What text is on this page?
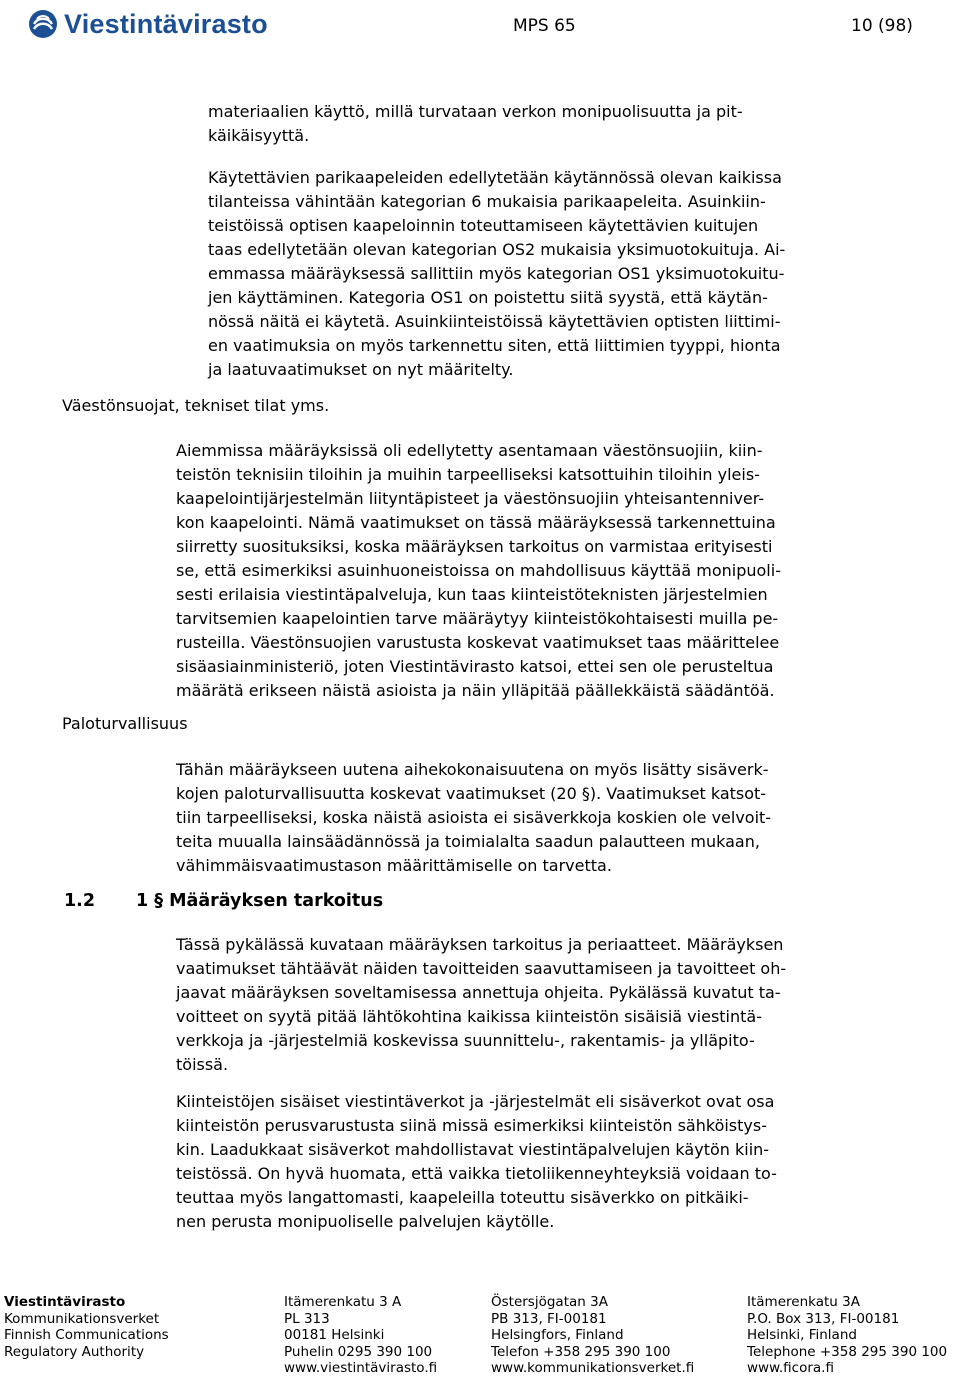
Viestintävirasto	MPS 65	10 (98)
materiaalien käyttö, millä turvataan verkon monipuolisuutta ja pit-
käikäisyyttä.
Käytettävien parikaapeleiden edellytetään käytännössä olevan kaikissa
tilanteissa vähintään kategorian 6 mukaisia parikaapeleita. Asuinkiin-
teistöissä optisen kaapeloinnin toteuttamiseen käytettävien kuitujen
taas edellytetään olevan kategorian OS2 mukaisia yksimuotokuituja. Ai-
emmassa määräyksessä sallittiin myös kategorian OS1 yksimuotokuitu-
jen käyttäminen. Kategoria OS1 on poistettu siitä syystä, että käytän-
nössä näitä ei käytetä. Asuinkiinteistöissä käytettävien optisten liittimi-
en vaatimuksia on myös tarkennettu siten, että liittimien tyyppi, hionta
ja laatuvaatimukset on nyt määritelty.
Väestönsuojat, tekniset tilat yms.
Aiemmissa määräyksissä oli edellytetty asentamaan väestönsuojiin, kiin-
teistön teknisiin tiloihin ja muihin tarpeelliseksi katsottuihin tiloihin yleis-
kaapelointijärjestelmän liityntäpisteet ja väestönsuojiin yhteisantenniver-
kon kaapelointi. Nämä vaatimukset on tässä määräyksessä tarkennettuina
siirretty suosituksiksi, koska määräyksen tarkoitus on varmistaa erityisesti
se, että esimerkiksi asuinhuoneistoissa on mahdollisuus käyttää monipuoli-
sesti erilaisia viestintäpalveluja, kun taas kiinteistöteknisten järjestelmien
tarvitsemien kaapelointien tarve määräytyy kiinteistökohtaisesti muilla pe-
rusteilla. Väestönsuojien varustusta koskevat vaatimukset taas määrittelee
sisäasiainministeriö, joten Viestintävirasto katsoi, ettei sen ole perusteltua
määrätä erikseen näistä asioista ja näin ylläpitää päällekkäistä säädäntöä.
Paloturvallisuus
Tähän määräykseen uutena aihekokonaisuutena on myös lisätty sisäverk-
kojen paloturvallisuutta koskevat vaatimukset (20 §). Vaatimukset katsot-
tiin tarpeelliseksi, koska näistä asioista ei sisäverkkoja koskien ole velvoit-
teita muualla lainsäädännössä ja toimialalta saadun palautteen mukaan,
vähimmäisvaatimustason määrittämiselle on tarvetta.
1.2 1 § Määräyksen tarkoitus
Tässä pykälässä kuvataan määräyksen tarkoitus ja periaatteet. Määräyksen
vaatimukset tähtäävät näiden tavoitteiden saavuttamiseen ja tavoitteet oh-
jaavat määräyksen soveltamisessa annettuja ohjeita. Pykälässä kuvatut ta-
voitteet on syytä pitää lähtökohtina kaikissa kiinteistön sisäisiä viestintä-
verkkoja ja -järjestelmiä koskevissa suunnittelu-, rakentamis- ja ylläpito-
töissä.
Kiinteistöjen sisäiset viestintäverkot ja -järjestelmät eli sisäverkot ovat osa
kiinteistön perusvarustusta siinä missä esimerkiksi kiinteistön sähköistys-
kin. Laadukkaat sisäverkot mahdollistavat viestintäpalvelujen käytön kiin-
teistössä. On hyvä huomata, että vaikka tietoliikenneyhteyksiä voidaan to-
teuttaa myös langattomasti, kaapeleilla toteuttu sisäverkko on pitkäiki-
nen perusta monipuoliselle palvelujen käytölle.
Viestintävirasto
Kommunikationsverket
Finnish Communications
Regulatory Authority
Itämerenkatu 3 A
PL 313
00181 Helsinki
Puhelin 0295 390 100
www.viestintävirasto.fi
Östersjögatan 3A
PB 313, FI-00181
Helsingfors, Finland
Telefon +358 295 390 100
www.kommunikationsverket.fi
Itämerenkatu 3A
P.O. Box 313, FI-00181
Helsinki, Finland
Telephone +358 295 390 100
www.ficora.fi
